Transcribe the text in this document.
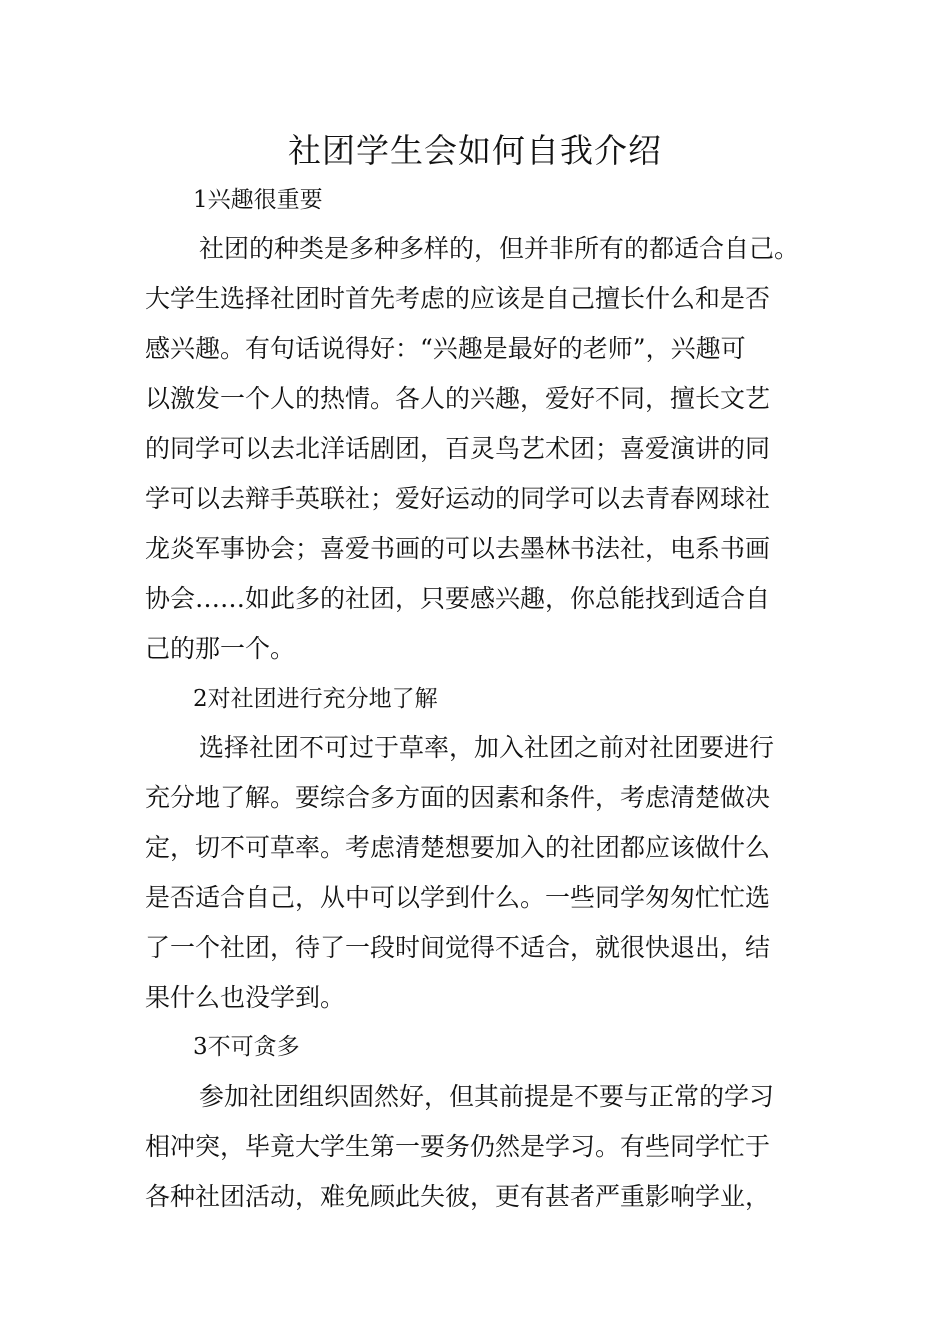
社团学生会如何自我介绍

1兴趣很重要

社团的种类是多种多样的，但并非所有的都适合自己。

大学生选择社团时首先考虑的应该是自己擅长什么和是否

感兴趣。有句话说得好：“兴趣是最好的老师”，兴趣可

以激发一个人的热情。各人的兴趣，爱好不同，擅长文艺

的同学可以去北洋话剧团，百灵鸟艺术团；喜爱演讲的同

学可以去辩手英联社；爱好运动的同学可以去青春网球社

龙炎军事协会；喜爱书画的可以去墨林书法社，电系书画

协会……如此多的社团，只要感兴趣，你总能找到适合自

己的那一个。

2对社团进行充分地了解

选择社团不可过于草率，加入社团之前对社团要进行

充分地了解。要综合多方面的因素和条件，考虑清楚做决

定，切不可草率。考虑清楚想要加入的社团都应该做什么

是否适合自己，从中可以学到什么。一些同学匆匆忙忙选

了一个社团，待了一段时间觉得不适合，就很快退出，结

果什么也没学到。

3不可贪多

参加社团组织固然好，但其前提是不要与正常的学习

相冲突，毕竟大学生第一要务仍然是学习。有些同学忙于

各种社团活动，难免顾此失彼，更有甚者严重影响学业，
